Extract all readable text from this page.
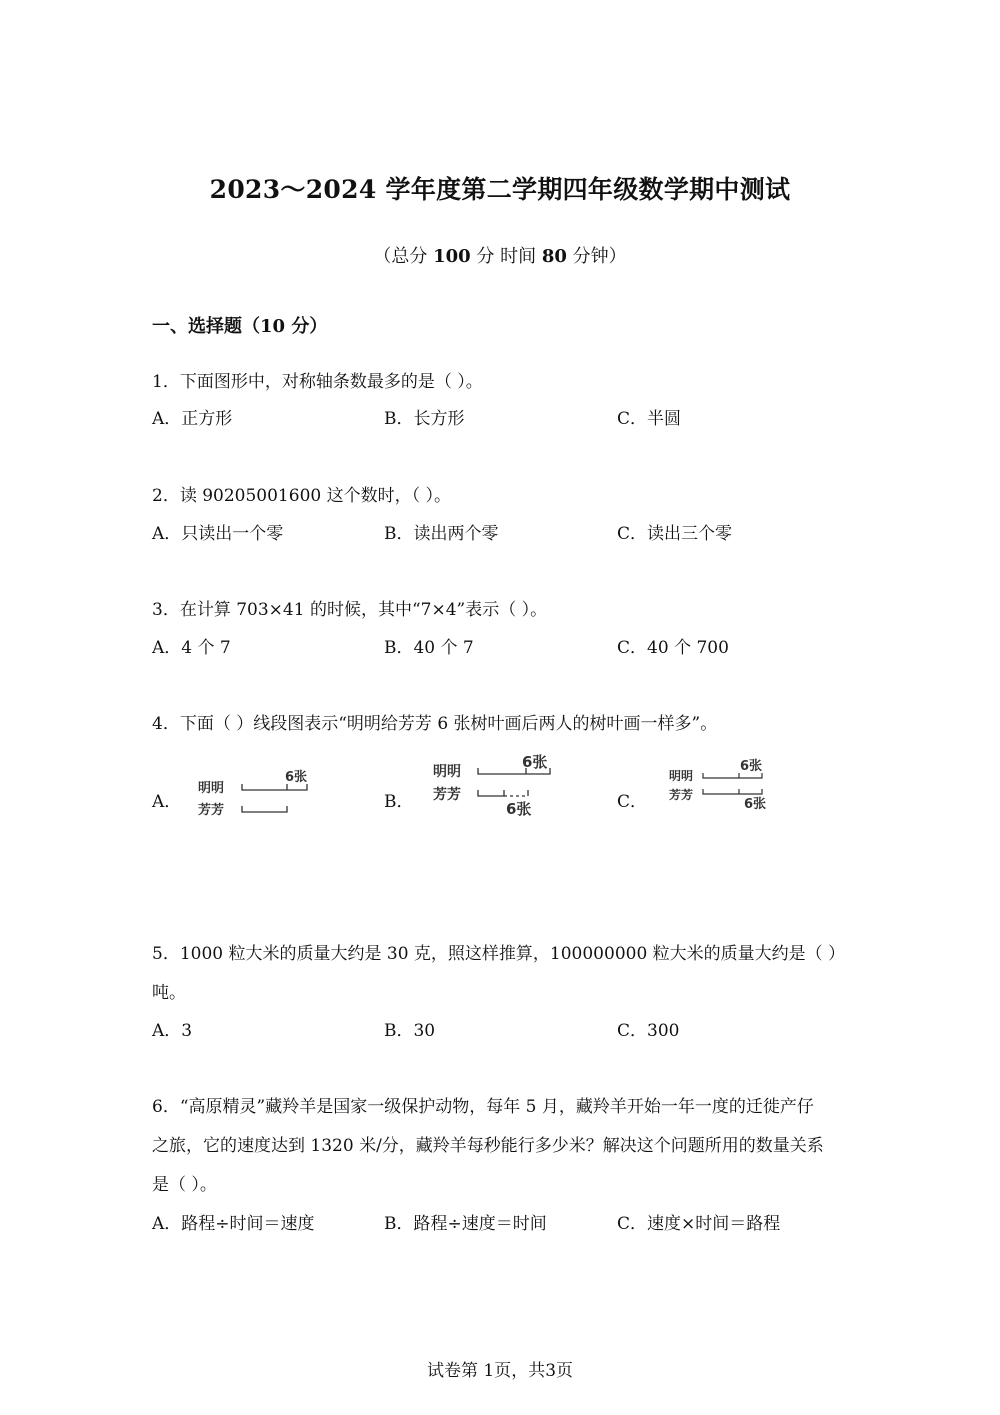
2023～2024 学年度第二学期四年级数学期中测试
（总分 100 分 时间 80 分钟）
一、选择题（10 分）
1．下面图形中，对称轴条数最多的是（ ）。
A．正方形	B．长方形	C．半圆
2．读 90205001600 这个数时，（ ）。
A．只读出一个零	B．读出两个零	C．读出三个零
3．在计算 703×41 的时候，其中“7×4”表示（ ）。
A．4 个 7	B．40 个 7	C．40 个 700
4．下面（ ）线段图表示“明明给芳芳 6 张树叶画后两人的树叶画一样多”。
A．	B．	C．
明明
芳芳
6张	明明
芳芳
6张
6张
明明
芳芳
6张
6张
5．1000 粒大米的质量大约是 30 克，照这样推算，100000000 粒大米的质量大约是（ ）
吨。
A．3	B．30	C．300
6．“高原精灵”藏羚羊是国家一级保护动物，每年 5 月，藏羚羊开始一年一度的迁徙产仔
之旅，它的速度达到 1320 米/分，藏羚羊每秒能行多少米？解决这个问题所用的数量关系
是（ ）。
A．路程÷时间＝速度	B．路程÷速度＝时间	C．速度×时间＝路程
试卷第 1页，共3页
